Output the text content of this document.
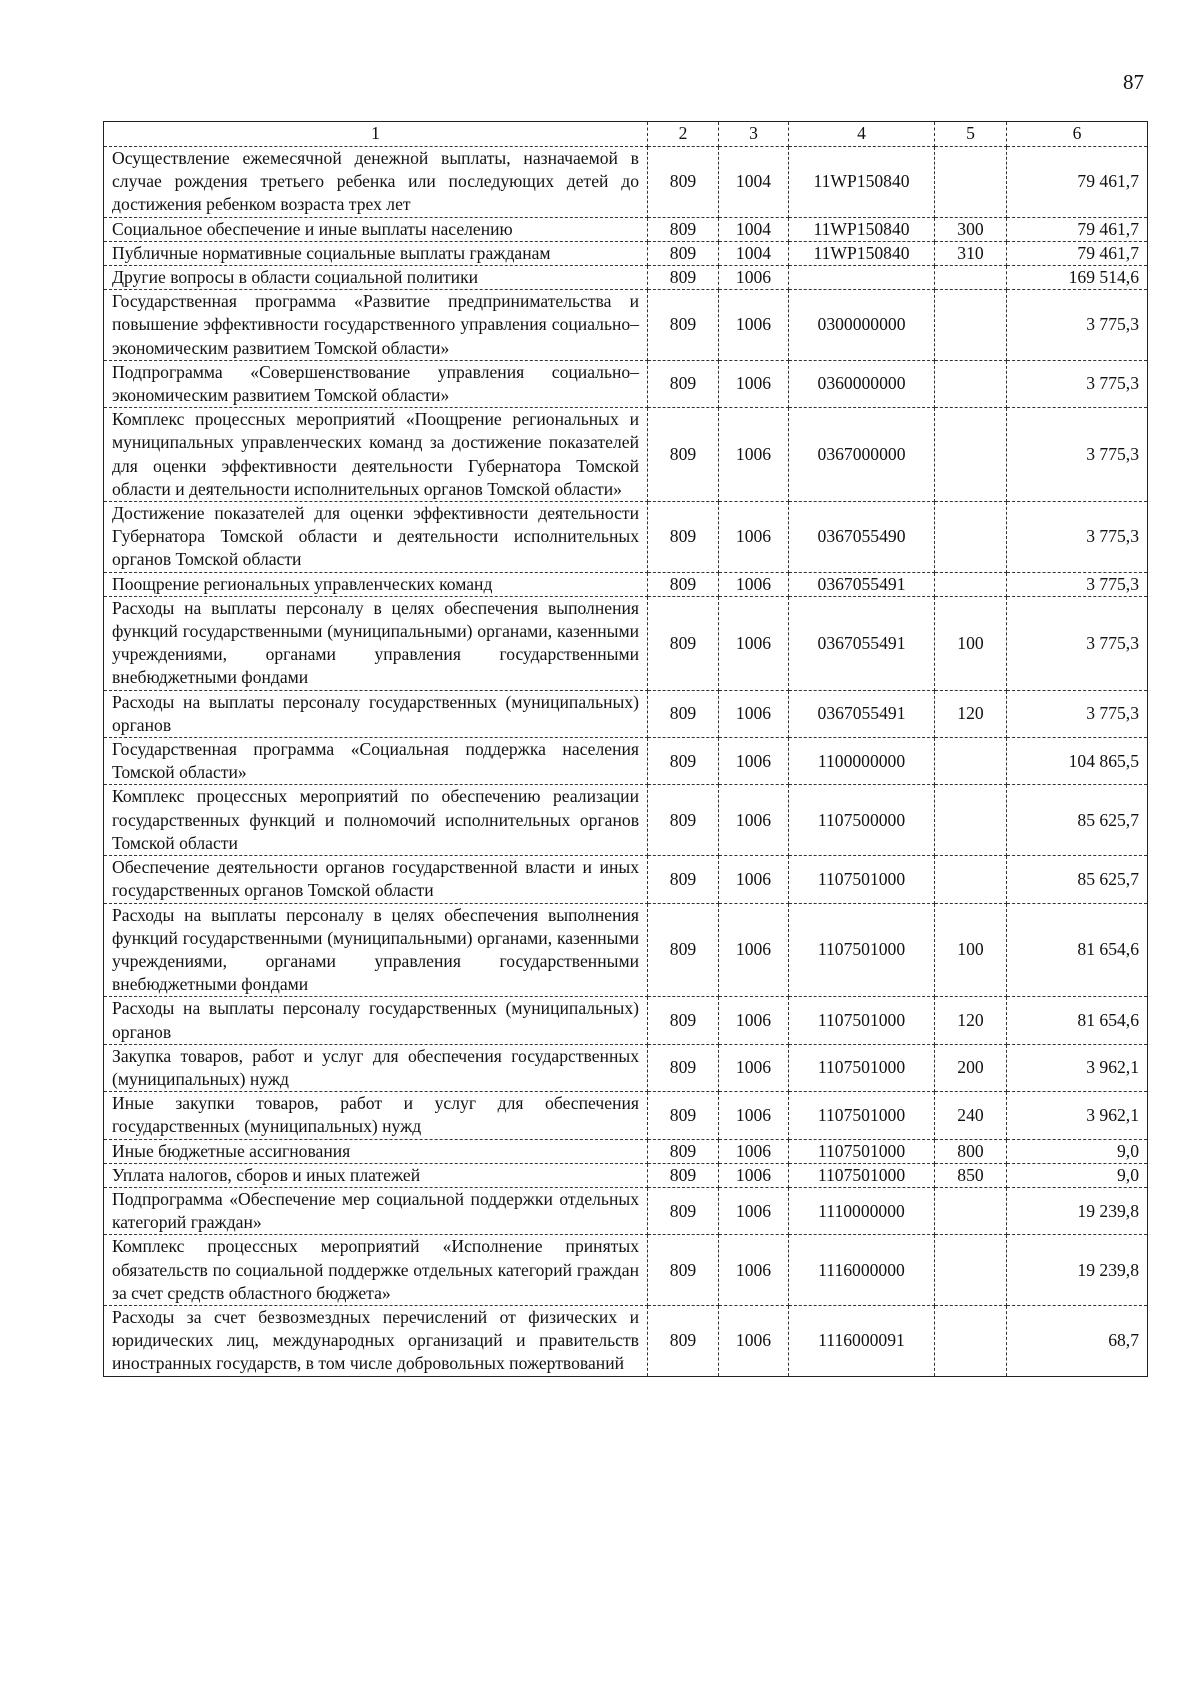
87
1	2	3	4	5	6
Осуществление ежемесячной денежной выплаты, назначаемой в случае рождения третьего ребенка или последующих детей до достижения ребенком возраста трех лет	809	1004	11WP150840		79 461,7
Социальное обеспечение и иные выплаты населению	809	1004	11WP150840	300	79 461,7
Публичные нормативные социальные выплаты гражданам	809	1004	11WP150840	310	79 461,7
Другие вопросы в области социальной политики	809	1006			169 514,6
Государственная программа «Развитие предпринимательства и повышение эффективности государственного управления социально–экономическим развитием Томской области»	809	1006	0300000000		3 775,3
Подпрограмма «Совершенствование управления социально–экономическим развитием Томской области»	809	1006	0360000000		3 775,3
Комплекс процессных мероприятий «Поощрение региональных и муниципальных управленческих команд за достижение показателей для оценки эффективности деятельности Губернатора Томской области и деятельности исполнительных органов Томской области»	809	1006	0367000000		3 775,3
Достижение показателей для оценки эффективности деятельности Губернатора Томской области и деятельности исполнительных органов Томской области	809	1006	0367055490		3 775,3
Поощрение региональных управленческих команд	809	1006	0367055491		3 775,3
Расходы на выплаты персоналу в целях обеспечения выполнения функций государственными (муниципальными) органами, казенными учреждениями, органами управления государственными внебюджетными фондами	809	1006	0367055491	100	3 775,3
Расходы на выплаты персоналу государственных (муниципальных) органов	809	1006	0367055491	120	3 775,3
Государственная программа «Социальная поддержка населения Томской области»	809	1006	1100000000		104 865,5
Комплекс процессных мероприятий по обеспечению реализации государственных функций и полномочий исполнительных органов Томской области	809	1006	1107500000		85 625,7
Обеспечение деятельности органов государственной власти и иных государственных органов Томской области	809	1006	1107501000		85 625,7
Расходы на выплаты персоналу в целях обеспечения выполнения функций государственными (муниципальными) органами, казенными учреждениями, органами управления государственными внебюджетными фондами	809	1006	1107501000	100	81 654,6
Расходы на выплаты персоналу государственных (муниципальных) органов	809	1006	1107501000	120	81 654,6
Закупка товаров, работ и услуг для обеспечения государственных (муниципальных) нужд	809	1006	1107501000	200	3 962,1
Иные закупки товаров, работ и услуг для обеспечения государственных (муниципальных) нужд	809	1006	1107501000	240	3 962,1
Иные бюджетные ассигнования	809	1006	1107501000	800	9,0
Уплата налогов, сборов и иных платежей	809	1006	1107501000	850	9,0
Подпрограмма «Обеспечение мер социальной поддержки отдельных категорий граждан»	809	1006	1110000000		19 239,8
Комплекс процессных мероприятий «Исполнение принятых обязательств по социальной поддержке отдельных категорий граждан за счет средств областного бюджета»	809	1006	1116000000		19 239,8
Расходы за счет безвозмездных перечислений от физических и юридических лиц, международных организаций и правительств иностранных государств, в том числе добровольных пожертвований	809	1006	1116000091		68,7
